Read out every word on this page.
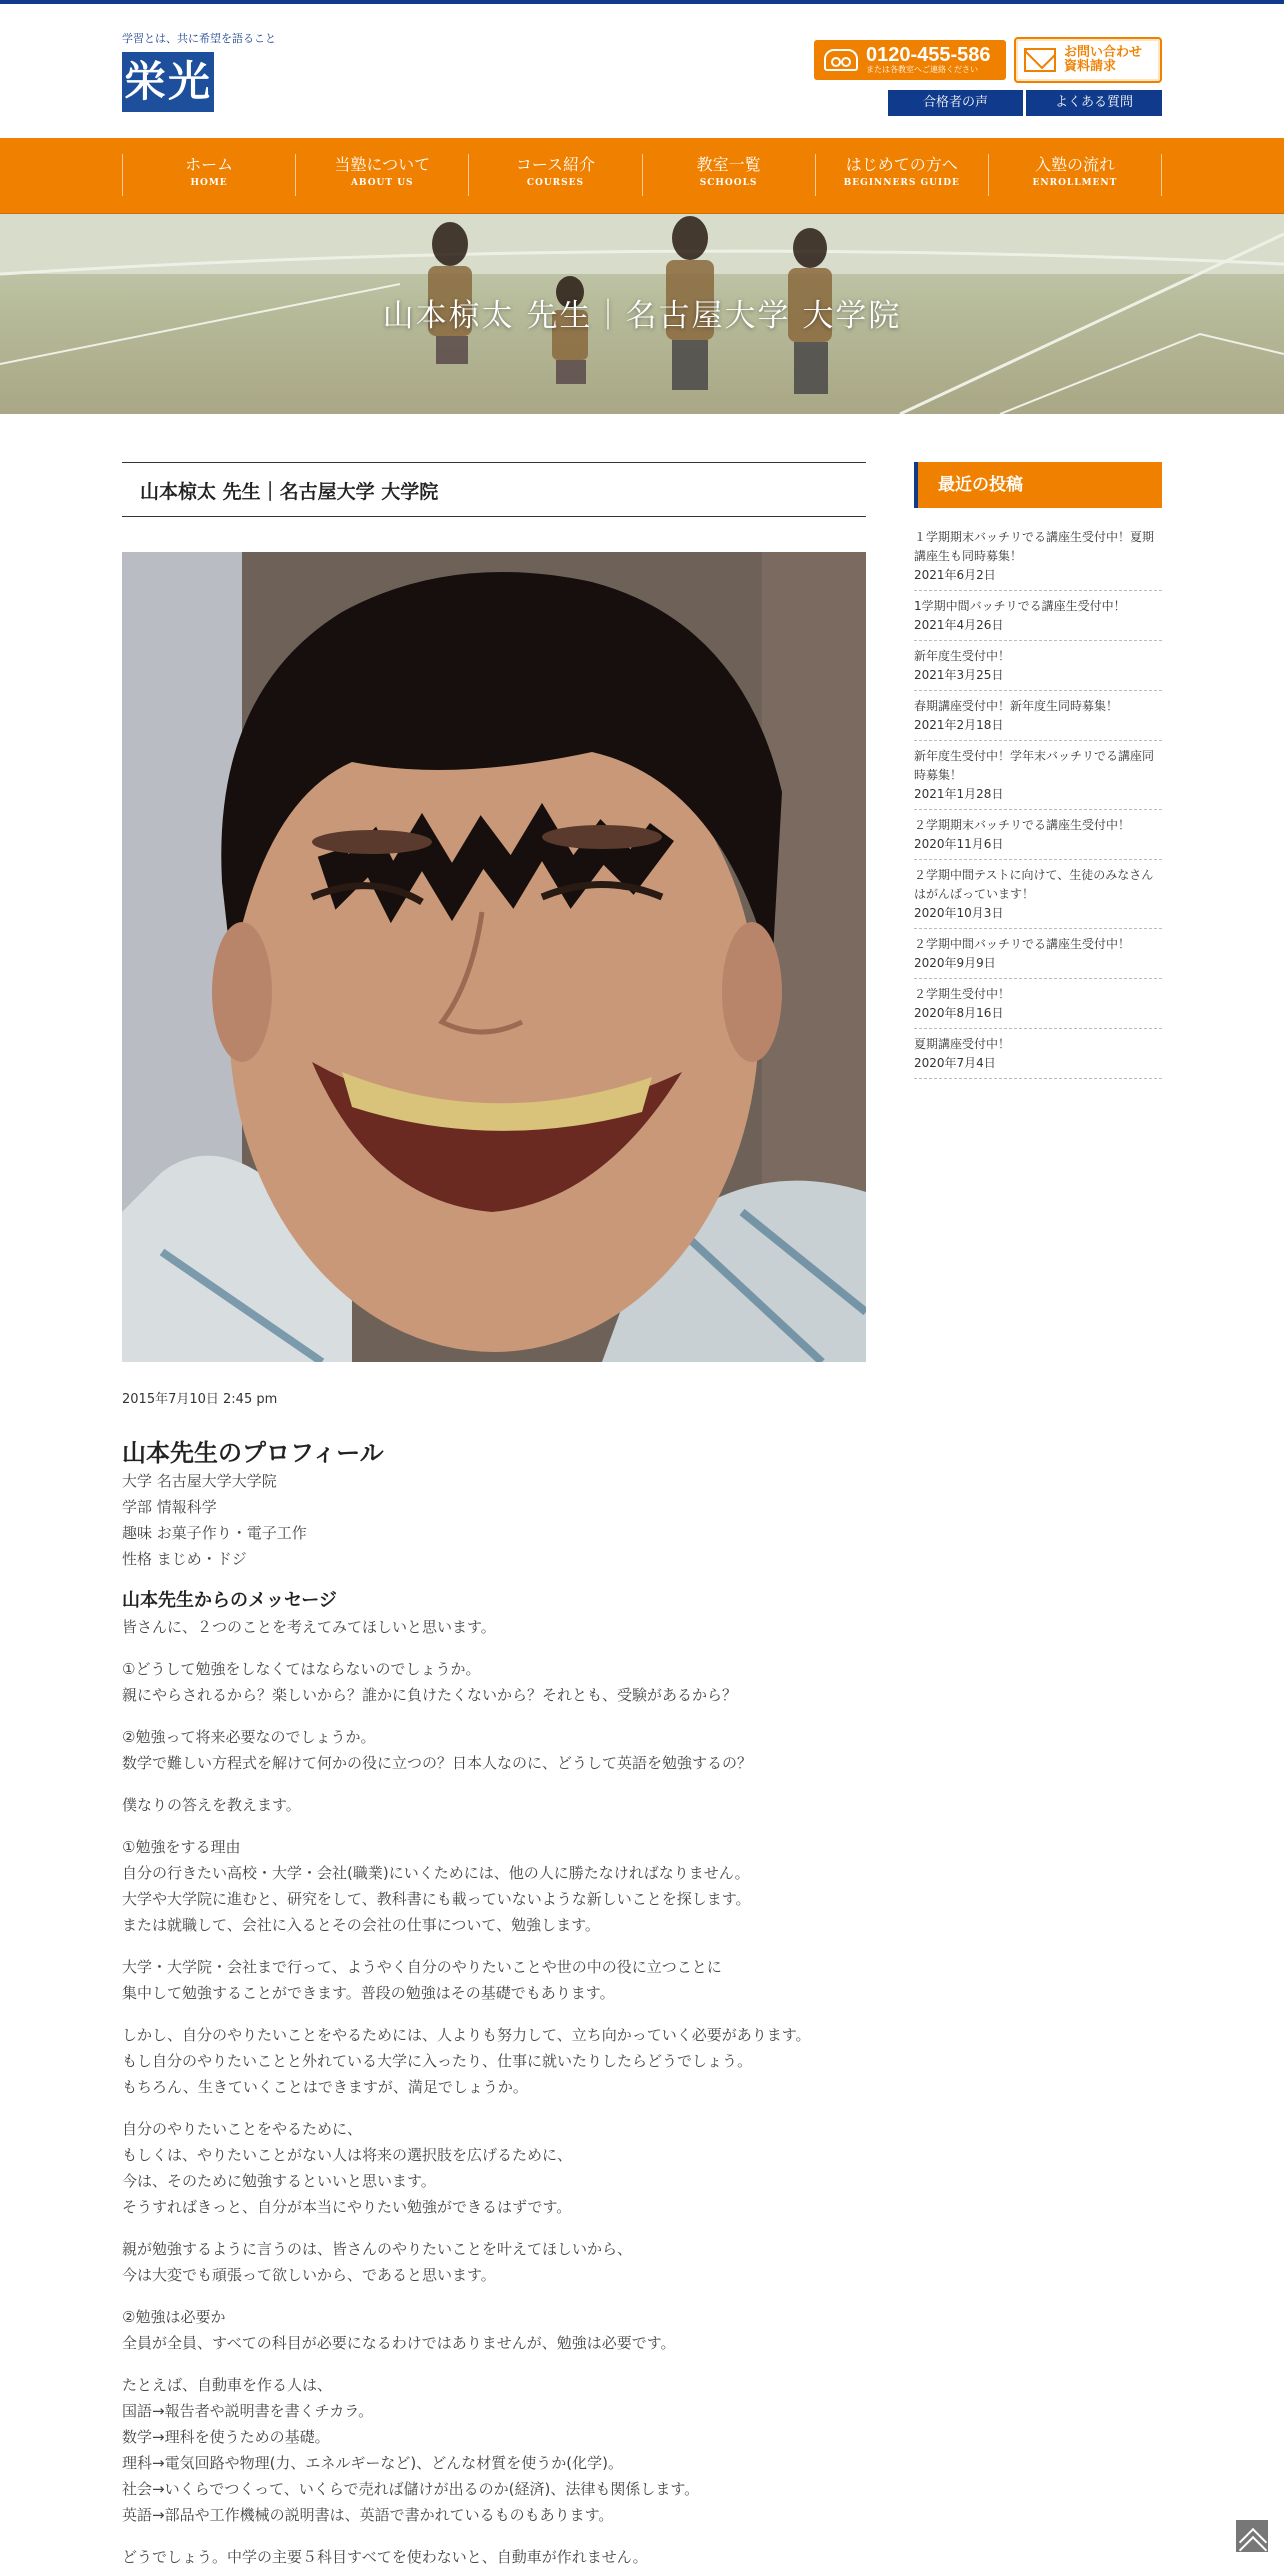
学習とは、共に希望を語ること
栄光
0120-455-586
または各教室へご連絡ください
お問い合わせ
資料請求
合格者の声	よくある質問
ホーム
HOME
当塾について
ABOUT US
コース紹介
COURSES
教室一覧
SCHOOLS
はじめての方へ
BEGINNERS GUIDE
入塾の流れ
ENROLLMENT
山本椋太 先生｜名古屋大学 大学院
山本椋太 先生｜名古屋大学 大学院
2015年7月10日 2:45 pm
山本先生のプロフィール
大学 名古屋大学大学院
学部 情報科学
趣味 お菓子作り・電子工作
性格 まじめ・ドジ
山本先生からのメッセージ

皆さんに、２つのことを考えてみてほしいと思います。

①どうして勉強をしなくてはならないのでしょうか。
親にやらされるから？楽しいから？誰かに負けたくないから？それとも、受験があるから？

②勉強って将来必要なのでしょうか。
数学で難しい方程式を解けて何かの役に立つの？日本人なのに、どうして英語を勉強するの？

僕なりの答えを教えます。

①勉強をする理由
自分の行きたい高校・大学・会社(職業)にいくためには、他の人に勝たなければなりません。
大学や大学院に進むと、研究をして、教科書にも載っていないような新しいことを探します。
または就職して、会社に入るとその会社の仕事について、勉強します。

大学・大学院・会社まで行って、ようやく自分のやりたいことや世の中の役に立つことに
集中して勉強することができます。普段の勉強はその基礎でもあります。

しかし、自分のやりたいことをやるためには、人よりも努力して、立ち向かっていく必要があります。
もし自分のやりたいことと外れている大学に入ったり、仕事に就いたりしたらどうでしょう。
もちろん、生きていくことはできますが、満足でしょうか。

自分のやりたいことをやるために、
もしくは、やりたいことがない人は将来の選択肢を広げるために、
今は、そのために勉強するといいと思います。
そうすればきっと、自分が本当にやりたい勉強ができるはずです。

親が勉強するように言うのは、皆さんのやりたいことを叶えてほしいから、
今は大変でも頑張って欲しいから、であると思います。

②勉強は必要か
全員が全員、すべての科目が必要になるわけではありませんが、勉強は必要です。

たとえば、自動車を作る人は、
国語→報告者や説明書を書くチカラ。
数学→理科を使うための基礎。
理科→電気回路や物理(力、エネルギーなど)、どんな材質を使うか(化学)。
社会→いくらでつくって、いくらで売れば儲けが出るのか(経済)、法律も関係します。
英語→部品や工作機械の説明書は、英語で書かれているものもあります。

どうでしょう。中学の主要５科目すべてを使わないと、自動車が作れません。

最近の投稿
１学期期末バッチリでる講座生受付中！夏期講座生も同時募集！
2021年6月2日
1学期中間バッチリでる講座生受付中！
2021年4月26日
新年度生受付中！
2021年3月25日
春期講座受付中！新年度生同時募集！
2021年2月18日
新年度生受付中！学年末バッチリでる講座同時募集！
2021年1月28日
２学期期末バッチリでる講座生受付中！
2020年11月6日
２学期中間テストに向けて、生徒のみなさんはがんばっています！
2020年10月3日
２学期中間バッチリでる講座生受付中！
2020年9月9日
２学期生受付中！
2020年8月16日
夏期講座受付中！
2020年7月4日
